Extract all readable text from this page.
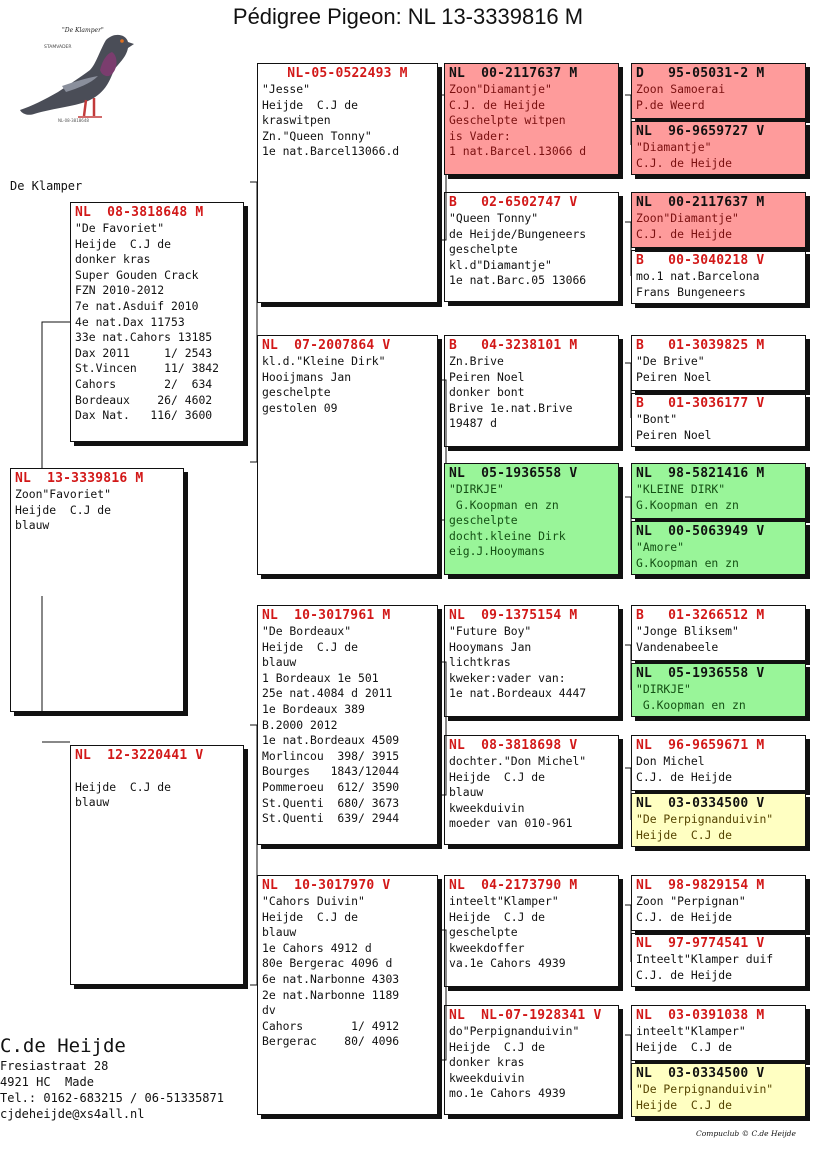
Pédigree Pigeon: NL 13-3339816 M
"De Klamper"
STAMVADER
NL-08-3818648
De Klamper
NL  13-3339816 M
Zoon"Favoriet"
Heijde  C.J de
blauw
NL  08-3818648 M
"De Favoriet"
Heijde  C.J de
donker kras
Super Gouden Crack
FZN 2010-2012
7e nat.Asduif 2010
4e nat.Dax 11753
33e nat.Cahors 13185
Dax 2011     1/ 2543
St.Vincen    11/ 3842
Cahors       2/  634
Bordeaux    26/ 4602
Dax Nat.   116/ 3600
NL  12-3220441 V

Heijde  C.J de
blauw
NL-05-0522493 M
"Jesse"
Heijde  C.J de
kraswitpen
Zn."Queen Tonny"
1e nat.Barcel13066.d
NL  07-2007864 V
kl.d."Kleine Dirk"
Hooijmans Jan
geschelpte
gestolen 09
NL  10-3017961 M
"De Bordeaux"
Heijde  C.J de
blauw
1 Bordeaux 1e 501
25e nat.4084 d 2011
1e Bordeaux 389
B.2000 2012
1e nat.Bordeaux 4509
Morlincou  398/ 3915
Bourges   1843/12044
Pommeroeu  612/ 3590
St.Quenti  680/ 3673
St.Quenti  639/ 2944
NL  10-3017970 V
"Cahors Duivin"
Heijde  C.J de
blauw
1e Cahors 4912 d
80e Bergerac 4096 d
6e nat.Narbonne 4303
2e nat.Narbonne 1189
dv
Cahors       1/ 4912
Bergerac    80/ 4096
NL  00-2117637 M
Zoon"Diamantje"
C.J. de Heijde
Geschelpte witpen
is Vader:
1 nat.Barcel.13066 d
B   02-6502747 V
"Queen Tonny"
de Heijde/Bungeneers
geschelpte
kl.d"Diamantje"
1e nat.Barc.05 13066
B   04-3238101 M
Zn.Brive
Peiren Noel
donker bont
Brive 1e.nat.Brive
19487 d
NL  05-1936558 V
"DIRKJE"
G.Koopman en zn
geschelpte
docht.kleine Dirk
eig.J.Hooymans
NL  09-1375154 M
"Future Boy"
Hooymans Jan
lichtkras
kweker:vader van:
1e nat.Bordeaux 4447
NL  08-3818698 V
dochter."Don Michel"
Heijde  C.J de
blauw
kweekduivin
moeder van 010-961
NL  04-2173790 M
inteelt"Klamper"
Heijde  C.J de
geschelpte
kweekdoffer
va.1e Cahors 4939
NL  NL-07-1928341 V
do"Perpignanduivin"
Heijde  C.J de
donker kras
kweekduivin
mo.1e Cahors 4939
D   95-05031-2 M
Zoon Samoerai
P.de Weerd
NL  96-9659727 V
"Diamantje"
C.J. de Heijde
NL  00-2117637 M
Zoon"Diamantje"
C.J. de Heijde
B   00-3040218 V
mo.1 nat.Barcelona
Frans Bungeneers
B   01-3039825 M
"De Brive"
Peiren Noel
B   01-3036177 V
"Bont"
Peiren Noel
NL  98-5821416 M
"KLEINE DIRK"
G.Koopman en zn
NL  00-5063949 V
"Amore"
G.Koopman en zn
B   01-3266512 M
"Jonge Bliksem"
Vandenabeele
NL  05-1936558 V
"DIRKJE"
G.Koopman en zn
NL  96-9659671 M
Don Michel
C.J. de Heijde
NL  03-0334500 V
"De Perpignanduivin"
Heijde  C.J de
NL  98-9829154 M
Zoon "Perpignan"
C.J. de Heijde
NL  97-9774541 V
Inteelt"Klamper duif
C.J. de Heijde
NL  03-0391038 M
inteelt"Klamper"
Heijde  C.J de
NL  03-0334500 V
"De Perpignanduivin"
Heijde  C.J de
C.de Heijde
Fresiastraat 28
4921 HC  Made
Tel.: 0162-683215 / 06-51335871
cjdeheijde@xs4all.nl
Compuclub © C.de Heijde
